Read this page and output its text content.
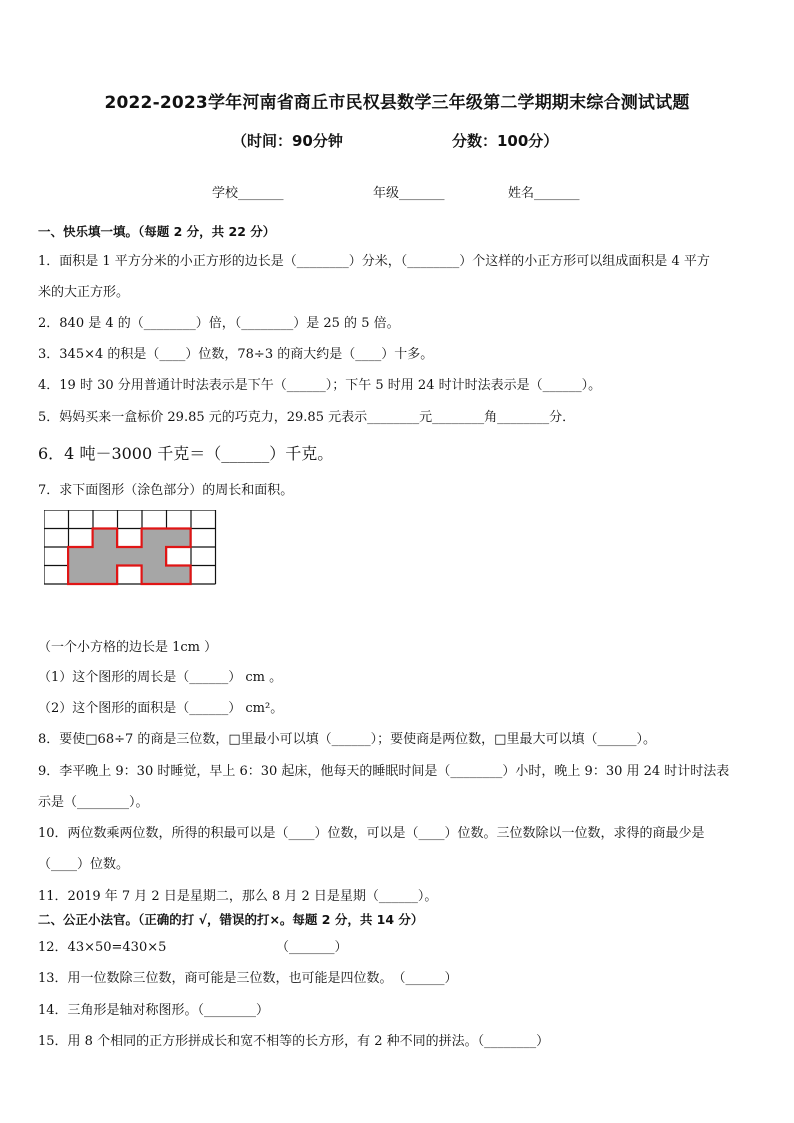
2022-2023学年河南省商丘市民权县数学三年级第二学期期末综合测试试题
（时间：90分钟	分数：100分）
学校_______	年级_______	姓名_______
一、快乐填一填。（每题 2 分，共 22 分）
1．面积是 1 平方分米的小正方形的边长是（________）分米，（________）个这样的小正方形可以组成面积是 4 平方
米的大正方形。
2．840 是 4 的（________）倍，（________）是 25 的 5 倍。
3．345×4 的积是（____）位数，78÷3 的商大约是（____）十多。
4．19 时 30 分用普通计时法表示是下午（______）；下午 5 时用 24 时计时法表示是（______）。
5．妈妈买来一盒标价 29.85 元的巧克力，29.85 元表示________元________角________分．
6．4 吨－3000 千克＝（______）千克。
7．求下面图形（涂色部分）的周长和面积。
（一个小方格的边长是 1cm ）
（1）这个图形的周长是（______） cm 。
（2）这个图形的面积是（______） cm²。
8．要使□68÷7 的商是三位数，□里最小可以填（______）；要使商是两位数，□里最大可以填（______）。
9．李平晚上 9：30 时睡觉，早上 6：30 起床，他每天的睡眠时间是（________）小时，晚上 9：30 用 24 时计时法表
示是（________）。
10．两位数乘两位数，所得的积最可以是（____）位数，可以是（____）位数。三位数除以一位数，求得的商最少是
（____）位数。
11．2019 年 7 月 2 日是星期二，那么 8 月 2 日是星期（______）。
二、公正小法官。（正确的打 √，错误的打×。每题 2 分，共 14 分）
12．43×50=430×5	（_______）
13．用一位数除三位数，商可能是三位数，也可能是四位数。　（______）
14．三角形是轴对称图形。（________）
15．用 8 个相同的正方形拼成长和宽不相等的长方形，有 2 种不同的拼法。（________）
